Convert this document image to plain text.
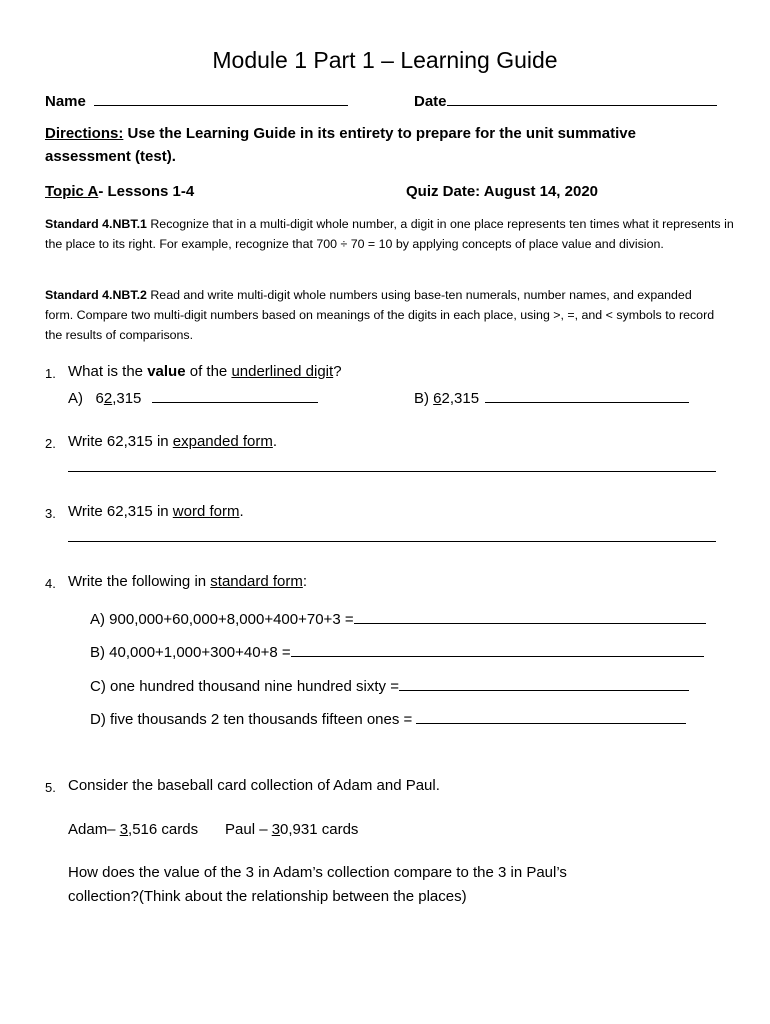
Module 1 Part 1 – Learning Guide
Name	Date
Directions: Use the Learning Guide in its entirety to prepare for the unit summative
assessment (test).
Topic A- Lessons 1-4	Quiz Date: August 14, 2020
Standard 4.NBT.1 Recognize that in a multi-digit whole number, a digit in one place represents ten times what it represents in the place to its right. For example, recognize that 700 ÷ 70 = 10 by applying concepts of place value and division.
Standard 4.NBT.2 Read and write multi-digit whole numbers using base-ten numerals, number names, and expanded form. Compare two multi-digit numbers based on meanings of the digits in each place, using >, =, and < symbols to record the results of comparisons.
1. What is the value of the underlined digit?
A) 62,315	B) 62,315
2. Write 62,315 in expanded form.
3. Write 62,315 in word form.
4. Write the following in standard form:
A) 900,000+60,000+8,000+400+70+3 =
B) 40,000+1,000+300+40+8 =
C) one hundred thousand nine hundred sixty =
D) five thousands 2 ten thousands fifteen ones =
5. Consider the baseball card collection of Adam and Paul.
Adam– 3,516 cards Paul – 30,931 cards
How does the value of the 3 in Adam’s collection compare to the 3 in Paul’s
collection?(Think about the relationship between the places)
